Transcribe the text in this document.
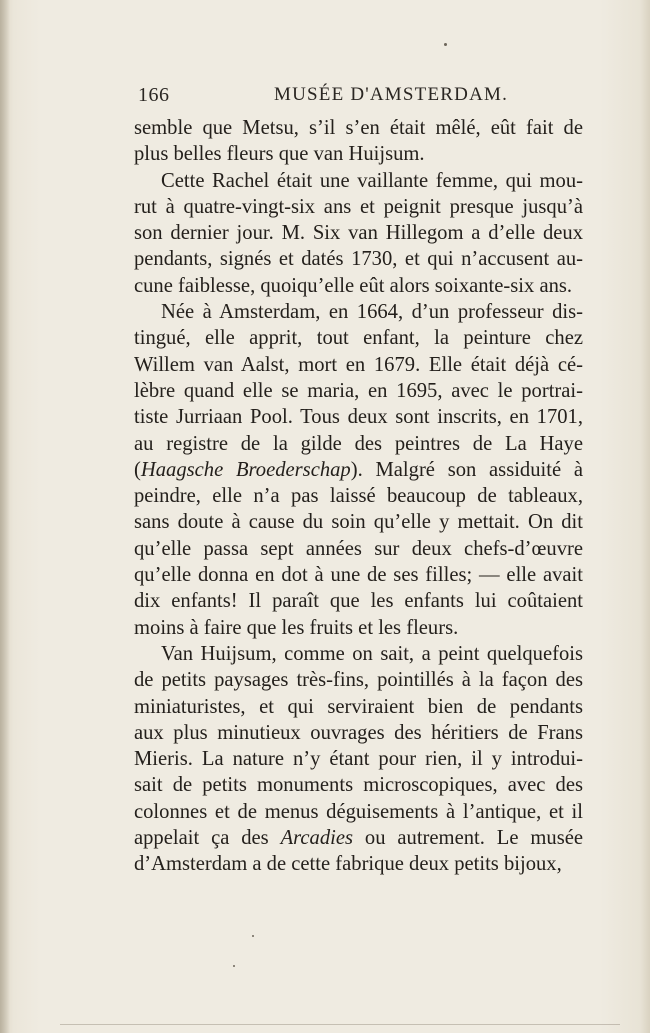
166	MUSÉE D'AMSTERDAM.
semble que Metsu, s’il s’en était mêlé, eût fait de
plus belles fleurs que van Huijsum.
Cette Rachel était une vaillante femme, qui mou-
rut à quatre-vingt-six ans et peignit presque jusqu’à
son dernier jour. M. Six van Hillegom a d’elle deux
pendants, signés et datés 1730, et qui n’accusent au-
cune faiblesse, quoiqu’elle eût alors soixante-six ans.
Née à Amsterdam, en 1664, d’un professeur dis-
tingué, elle apprit, tout enfant, la peinture chez
Willem van Aalst, mort en 1679. Elle était déjà cé-
lèbre quand elle se maria, en 1695, avec le portrai-
tiste Jurriaan Pool. Tous deux sont inscrits, en 1701,
au registre de la gilde des peintres de La Haye
(Haagsche Broederschap). Malgré son assiduité à
peindre, elle n’a pas laissé beaucoup de tableaux,
sans doute à cause du soin qu’elle y mettait. On dit
qu’elle passa sept années sur deux chefs-d’œuvre
qu’elle donna en dot à une de ses filles; — elle avait
dix enfants! Il paraît que les enfants lui coûtaient
moins à faire que les fruits et les fleurs.
Van Huijsum, comme on sait, a peint quelquefois
de petits paysages très-fins, pointillés à la façon des
miniaturistes, et qui serviraient bien de pendants
aux plus minutieux ouvrages des héritiers de Frans
Mieris. La nature n’y étant pour rien, il y introdui-
sait de petits monuments microscopiques, avec des
colonnes et de menus déguisements à l’antique, et il
appelait ça des Arcadies ou autrement. Le musée
d’Amsterdam a de cette fabrique deux petits bijoux,
